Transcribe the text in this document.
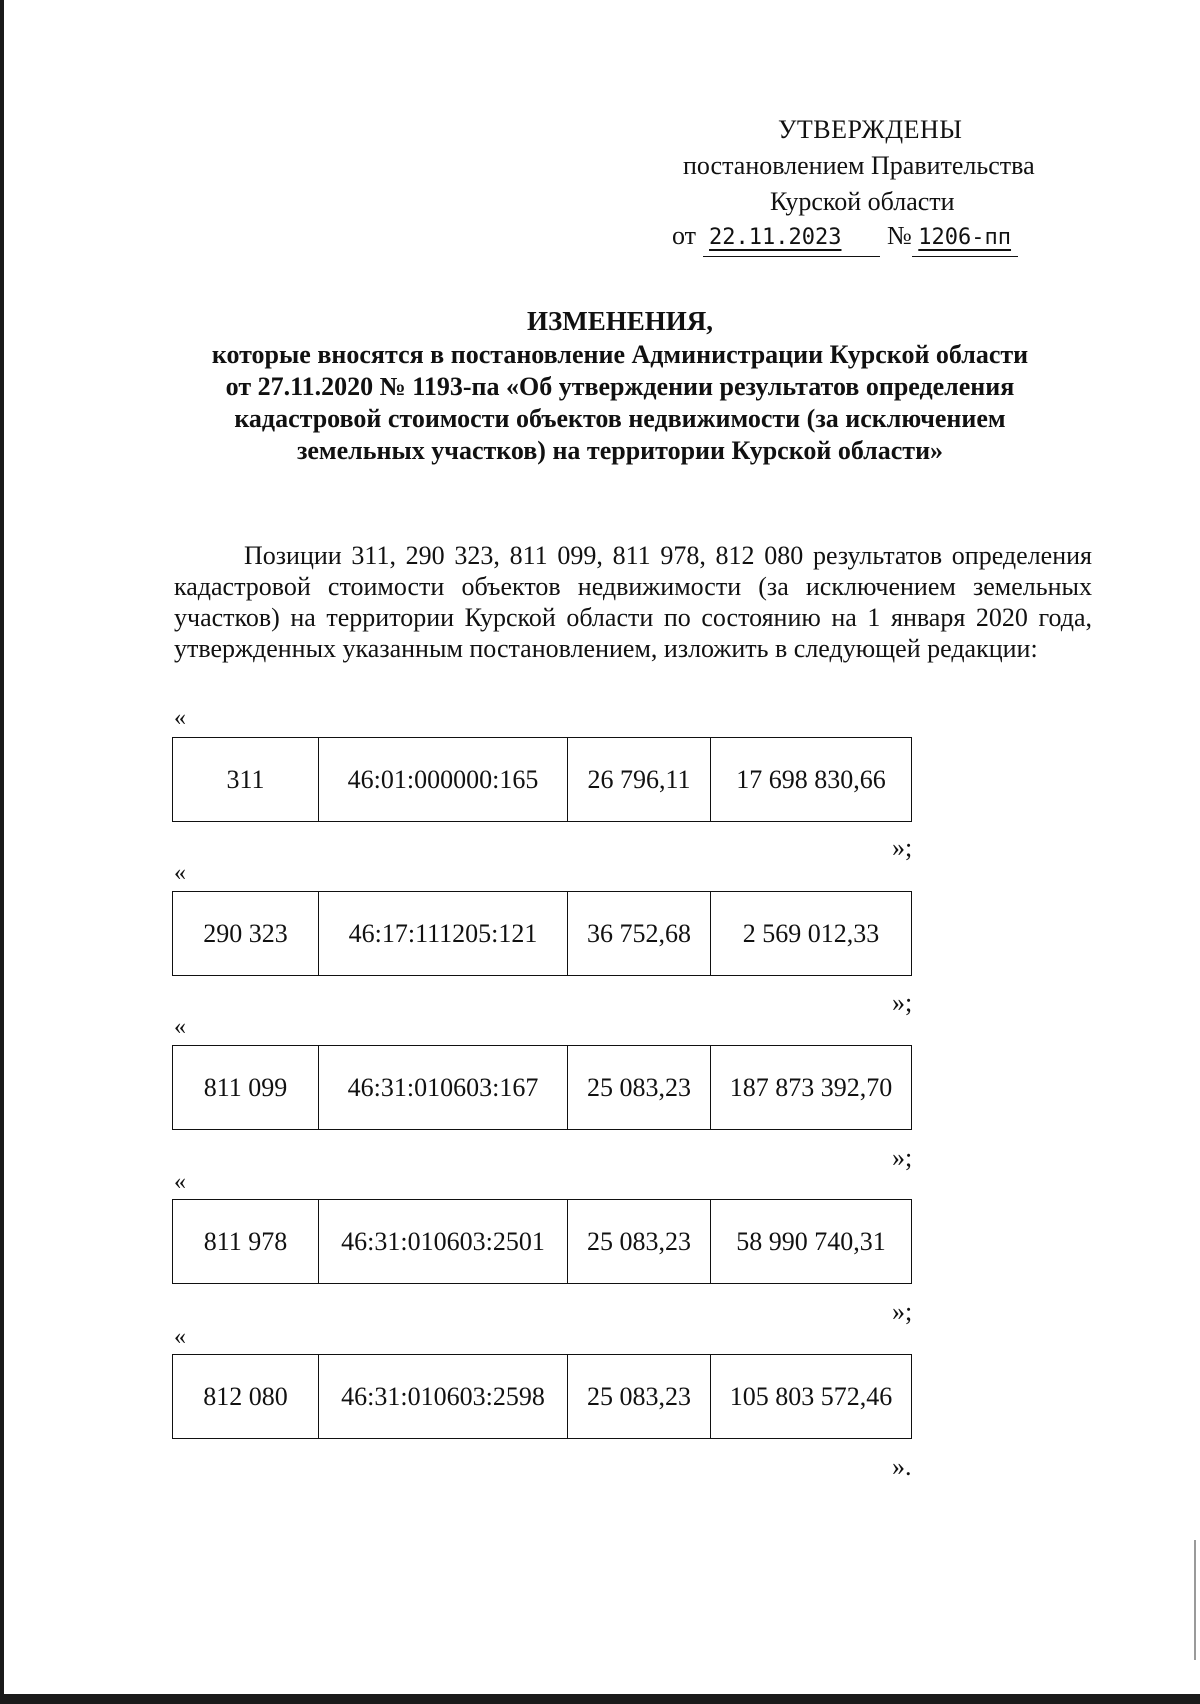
УТВЕРЖДЕНЫ
постановлением Правительства
Курской области
от 22.11.2023 № 1206-пп
ИЗМЕНЕНИЯ,
которые вносятся в постановление Администрации Курской области
от 27.11.2020 № 1193-па «Об утверждении результатов определения
кадастровой стоимости объектов недвижимости (за исключением
земельных участков) на территории Курской области»
Позиции 311, 290 323, 811 099, 811 978, 812 080 результатов определения кадастровой стоимости объектов недвижимости (за исключением земельных участков) на территории Курской области по состоянию на 1 января 2020 года, утвержденных указанным постановлением, изложить в следующей редакции:
«
311	46:01:000000:165	26 796,11	17 698 830,66
»;
«
290 323	46:17:111205:121	36 752,68	2 569 012,33
»;
«
811 099	46:31:010603:167	25 083,23	187 873 392,70
»;
«
811 978	46:31:010603:2501	25 083,23	58 990 740,31
»;
«
812 080	46:31:010603:2598	25 083,23	105 803 572,46
».
